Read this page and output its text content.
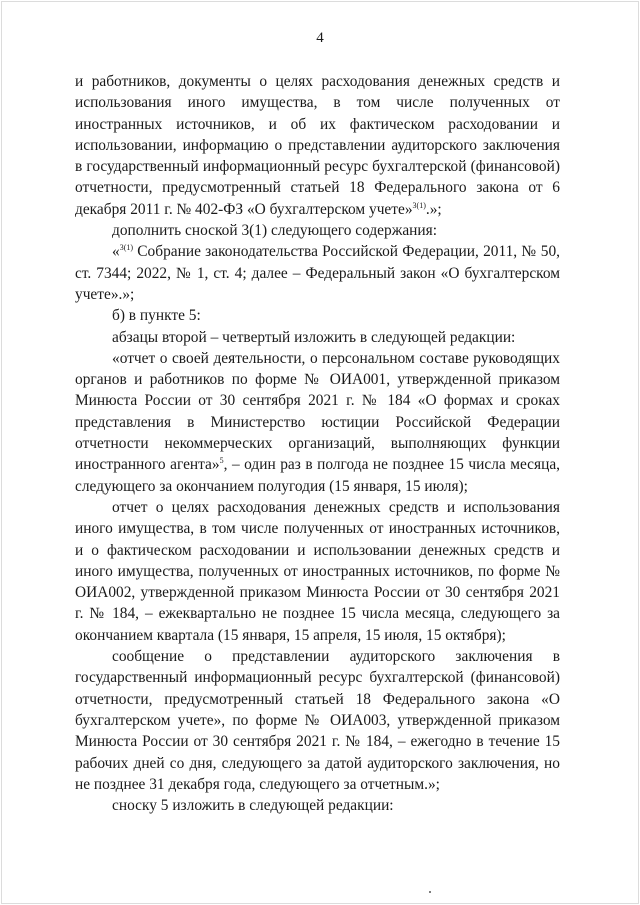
4

и работников, документы о целях расходования денежных средств и использования иного имущества, в том числе полученных от иностранных источников, и об их фактическом расходовании и использовании, информацию о представлении аудиторского заключения в государственный информационный ресурс бухгалтерской (финансовой) отчетности, предусмотренный статьей 18 Федерального закона от 6 декабря 2011 г. № 402-ФЗ «О бухгалтерском учете»$^{3(1)}$.»;

дополнить сноской 3(1) следующего содержания:

«$^{3(1)}$ Собрание законодательства Российской Федерации, 2011, № 50, ст. 7344; 2022, № 1, ст. 4; далее – Федеральный закон «О бухгалтерском учете».»;

б) в пункте 5:

абзацы второй – четвертый изложить в следующей редакции:

«отчет о своей деятельности, о персональном составе руководящих органов и работников по форме № ОИА001, утвержденной приказом Минюста России от 30 сентября 2021 г. № 184 «О формах и сроках представления в Министерство юстиции Российской Федерации отчетности некоммерческих организаций, выполняющих функции иностранного агента»$^5$, – один раз в полгода не позднее 15 числа месяца, следующего за окончанием полугодия (15 января, 15 июля);

отчет о целях расходования денежных средств и использования иного имущества, в том числе полученных от иностранных источников, и о фактическом расходовании и использовании денежных средств и иного имущества, полученных от иностранных источников, по форме № ОИА002, утвержденной приказом Минюста России от 30 сентября 2021 г. № 184, – ежеквартально не позднее 15 числа месяца, следующего за окончанием квартала (15 января, 15 апреля, 15 июля, 15 октября);

сообщение о представлении аудиторского заключения в государственный информационный ресурс бухгалтерской (финансовой) отчетности, предусмотренный статьей 18 Федерального закона «О бухгалтерском учете», по форме № ОИА003, утвержденной приказом Минюста России от 30 сентября 2021 г. № 184, – ежегодно в течение 15 рабочих дней со дня, следующего за датой аудиторского заключения, но не позднее 31 декабря года, следующего за отчетным.»;

сноску 5 изложить в следующей редакции:
